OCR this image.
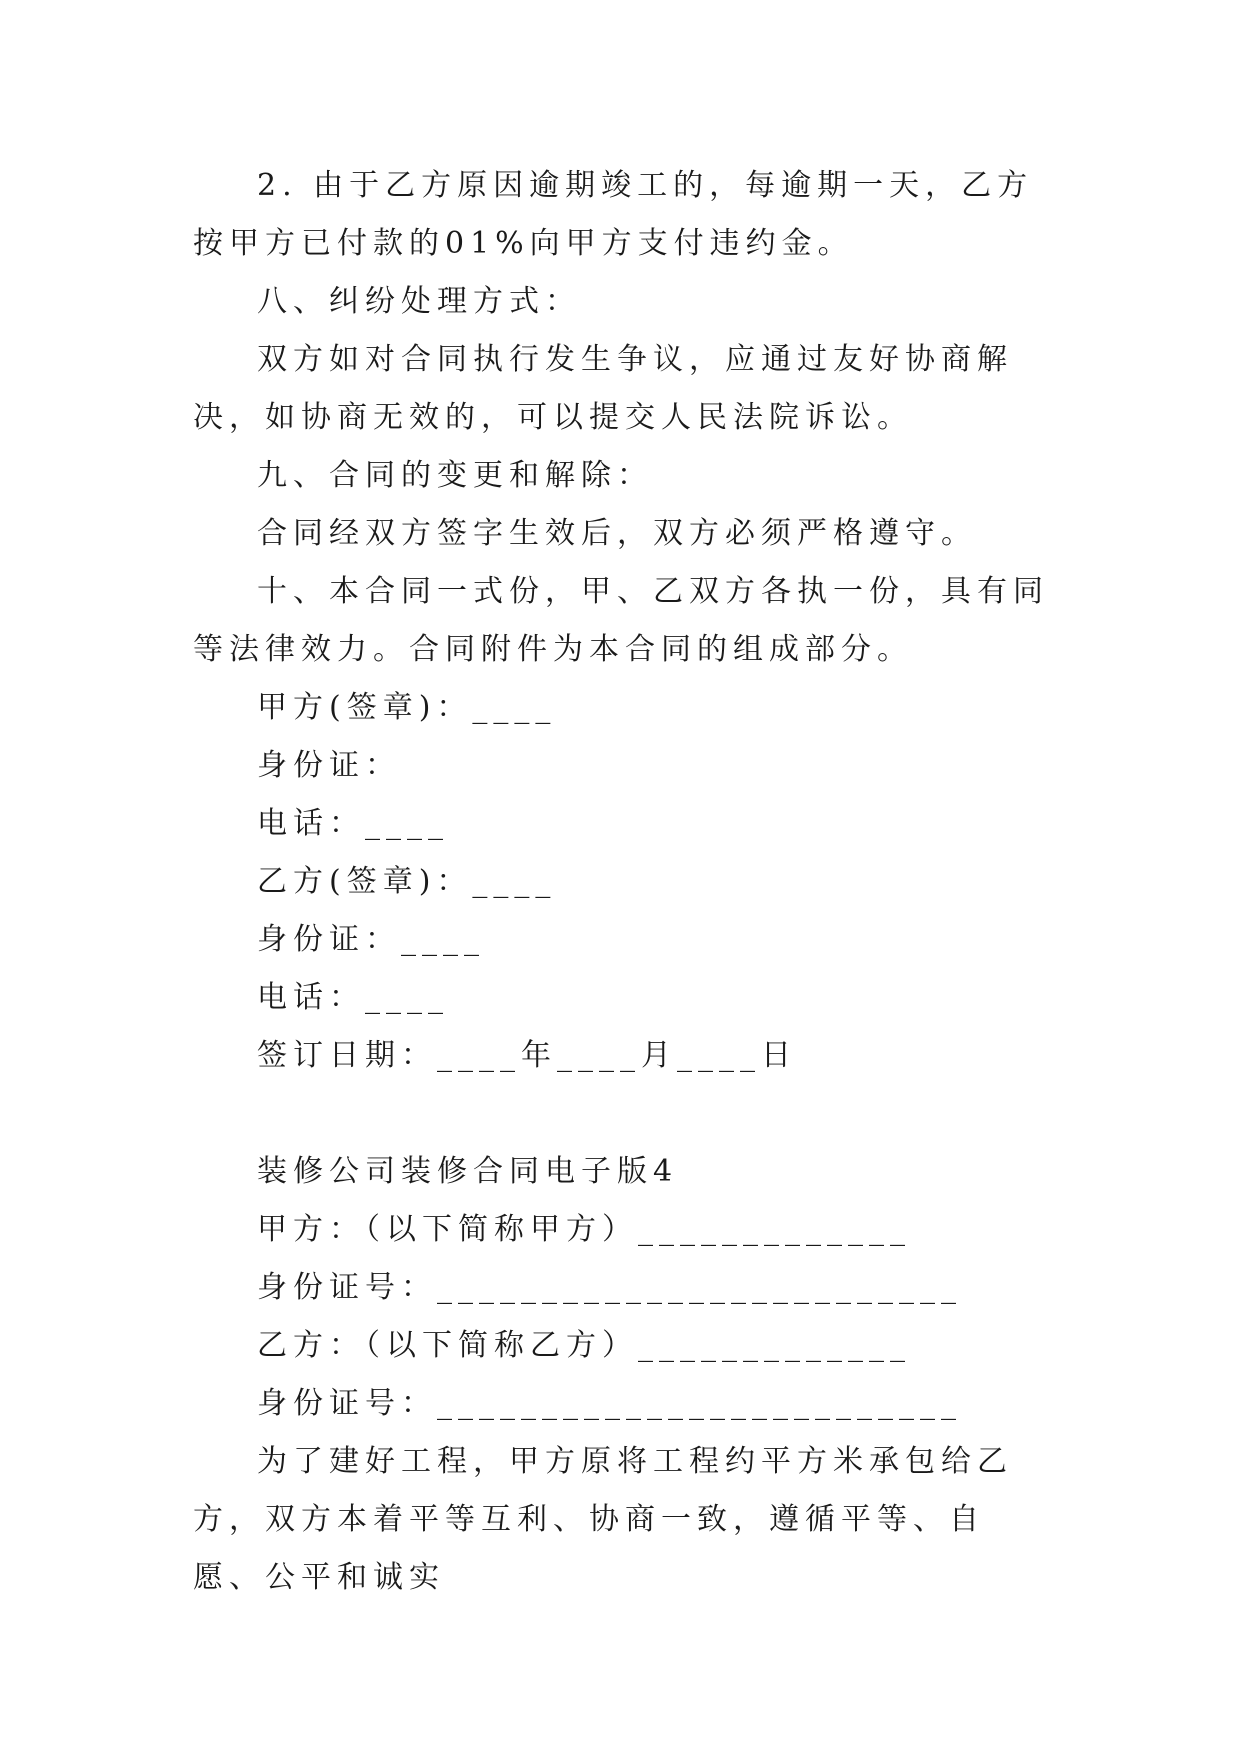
2. 由于乙方原因逾期竣工的，每逾期一天，乙方按甲方已付款的01%向甲方支付违约金。

八、纠纷处理方式：

双方如对合同执行发生争议，应通过友好协商解决，如协商无效的，可以提交人民法院诉讼。

九、合同的变更和解除：

合同经双方签字生效后，双方必须严格遵守。

十、本合同一式份，甲、乙双方各执一份，具有同等法律效力。合同附件为本合同的组成部分。

甲方(签章)：____

身份证：

电话：____

乙方(签章)：____

身份证：____

电话：____

签订日期：____年____月____日

装修公司装修合同电子版4

甲方：（以下简称甲方）_____________

身份证号：_________________________

乙方：（以下简称乙方）_____________

身份证号：_________________________

为了建好工程，甲方原将工程约平方米承包给乙方，双方本着平等互利、协商一致，遵循平等、自愿、公平和诚实
